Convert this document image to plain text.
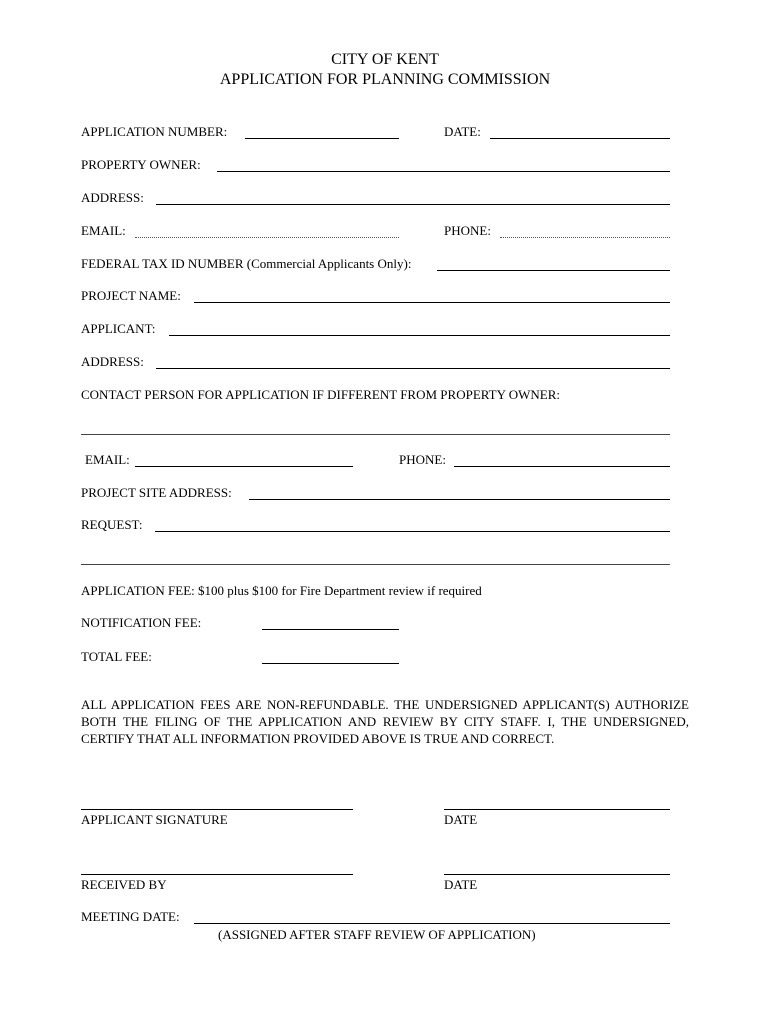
CITY OF KENT
APPLICATION FOR PLANNING COMMISSION
APPLICATION NUMBER:	DATE:
PROPERTY OWNER:
ADDRESS:
EMAIL:	PHONE:
FEDERAL TAX ID NUMBER (Commercial Applicants Only):
PROJECT NAME:
APPLICANT:
ADDRESS:
CONTACT PERSON FOR APPLICATION IF DIFFERENT FROM PROPERTY OWNER:
EMAIL:	PHONE:
PROJECT SITE ADDRESS:
REQUEST:
APPLICATION FEE: $100 plus $100 for Fire Department review if required
NOTIFICATION FEE:
TOTAL FEE:
ALL APPLICATION FEES ARE NON-REFUNDABLE. THE UNDERSIGNED APPLICANT(S) AUTHORIZE BOTH THE FILING OF THE APPLICATION AND REVIEW BY CITY STAFF. I, THE UNDERSIGNED, CERTIFY THAT ALL INFORMATION PROVIDED ABOVE IS TRUE AND CORRECT.
APPLICANT SIGNATURE	DATE
RECEIVED BY	DATE
MEETING DATE:
(ASSIGNED AFTER STAFF REVIEW OF APPLICATION)
